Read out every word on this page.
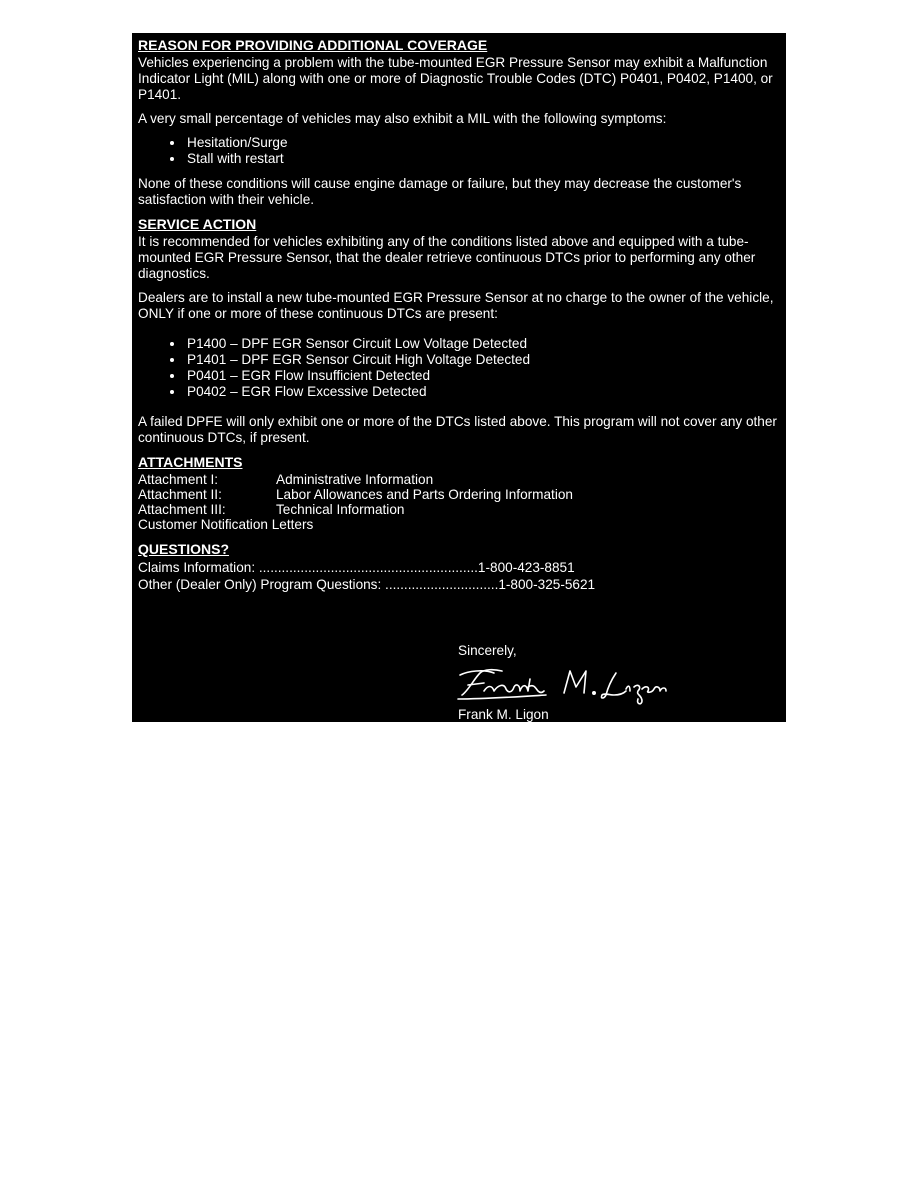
REASON FOR PROVIDING ADDITIONAL COVERAGE

Vehicles experiencing a problem with the tube-mounted EGR Pressure Sensor may exhibit a Malfunction Indicator Light (MIL) along with one or more of Diagnostic Trouble Codes (DTC) P0401, P0402, P1400, or P1401.

A very small percentage of vehicles may also exhibit a MIL with the following symptoms:

• Hesitation/Surge
• Stall with restart

None of these conditions will cause engine damage or failure, but they may decrease the customer's satisfaction with their vehicle.

SERVICE ACTION

It is recommended for vehicles exhibiting any of the conditions listed above and equipped with a tube-mounted EGR Pressure Sensor, that the dealer retrieve continuous DTCs prior to performing any other diagnostics.

Dealers are to install a new tube-mounted EGR Pressure Sensor at no charge to the owner of the vehicle, ONLY if one or more of these continuous DTCs are present:

• P1400 – DPF EGR Sensor Circuit Low Voltage Detected
• P1401 – DPF EGR Sensor Circuit High Voltage Detected
• P0401 – EGR Flow Insufficient Detected
• P0402 – EGR Flow Excessive Detected

A failed DPFE will only exhibit one or more of the DTCs listed above. This program will not cover any other continuous DTCs, if present.

ATTACHMENTS
Attachment I:	Administrative Information
Attachment II:	Labor Allowances and Parts Ordering Information
Attachment III:	Technical Information
Customer Notification Letters
QUESTIONS?
Claims Information: ..........................................................1-800-423-8851
Other (Dealer Only) Program Questions: ..............................1-800-325-5621
Sincerely,
Frank M. Ligon
